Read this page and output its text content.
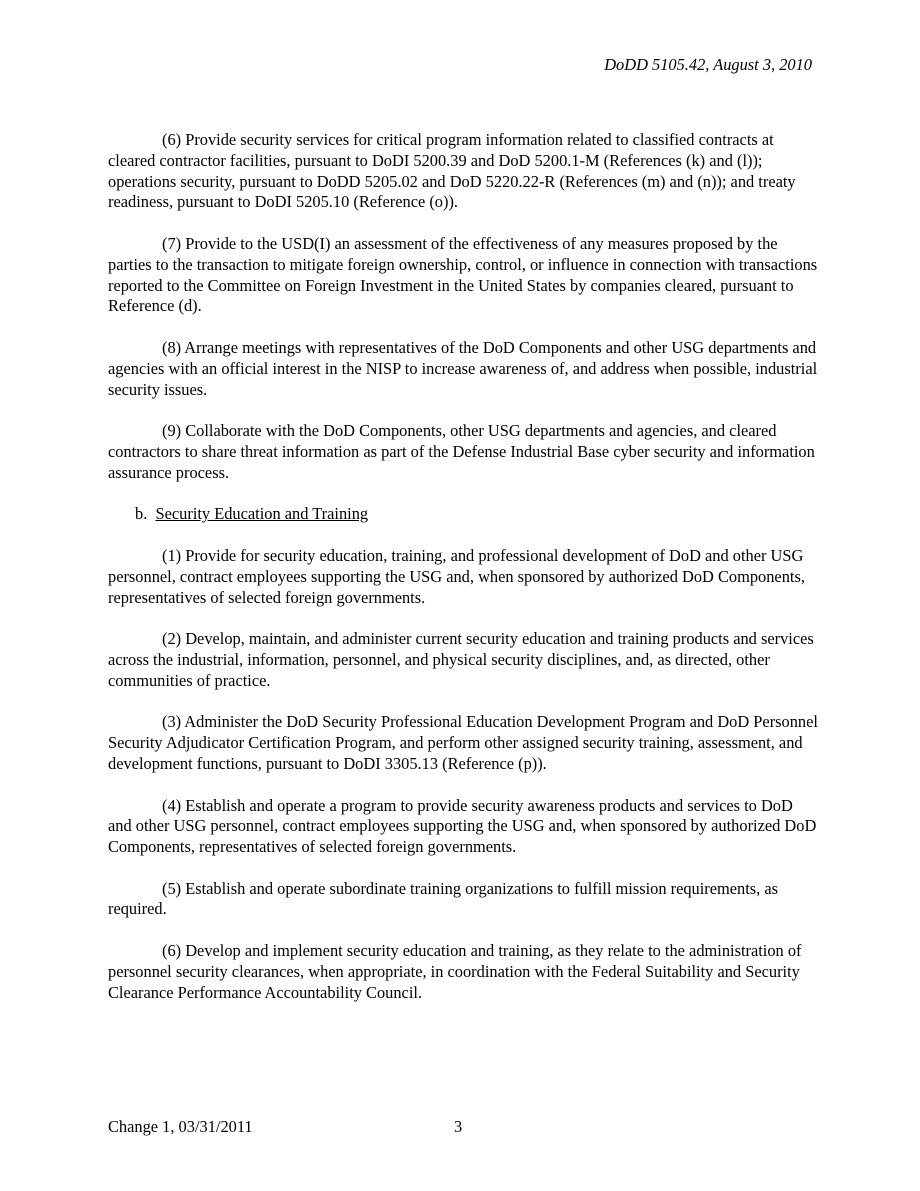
DoDD 5105.42, August 3, 2010

(6) Provide security services for critical program information related to classified contracts at cleared contractor facilities, pursuant to DoDI 5200.39 and DoD 5200.1-M (References (k) and (l)); operations security, pursuant to DoDD 5205.02 and DoD 5220.22-R (References (m) and (n)); and treaty readiness, pursuant to DoDI 5205.10 (Reference (o)).

(7) Provide to the USD(I) an assessment of the effectiveness of any measures proposed by the parties to the transaction to mitigate foreign ownership, control, or influence in connection with transactions reported to the Committee on Foreign Investment in the United States by companies cleared, pursuant to Reference (d).

(8) Arrange meetings with representatives of the DoD Components and other USG departments and agencies with an official interest in the NISP to increase awareness of, and address when possible, industrial security issues.

(9) Collaborate with the DoD Components, other USG departments and agencies, and cleared contractors to share threat information as part of the Defense Industrial Base cyber security and information assurance process.

b. Security Education and Training

(1) Provide for security education, training, and professional development of DoD and other USG personnel, contract employees supporting the USG and, when sponsored by authorized DoD Components, representatives of selected foreign governments.

(2) Develop, maintain, and administer current security education and training products and services across the industrial, information, personnel, and physical security disciplines, and, as directed, other communities of practice.

(3) Administer the DoD Security Professional Education Development Program and DoD Personnel Security Adjudicator Certification Program, and perform other assigned security training, assessment, and development functions, pursuant to DoDI 3305.13 (Reference (p)).

(4) Establish and operate a program to provide security awareness products and services to DoD and other USG personnel, contract employees supporting the USG and, when sponsored by authorized DoD Components, representatives of selected foreign governments.

(5) Establish and operate subordinate training organizations to fulfill mission requirements, as required.

(6) Develop and implement security education and training, as they relate to the administration of personnel security clearances, when appropriate, in coordination with the Federal Suitability and Security Clearance Performance Accountability Council.

Change 1, 03/31/2011	3
